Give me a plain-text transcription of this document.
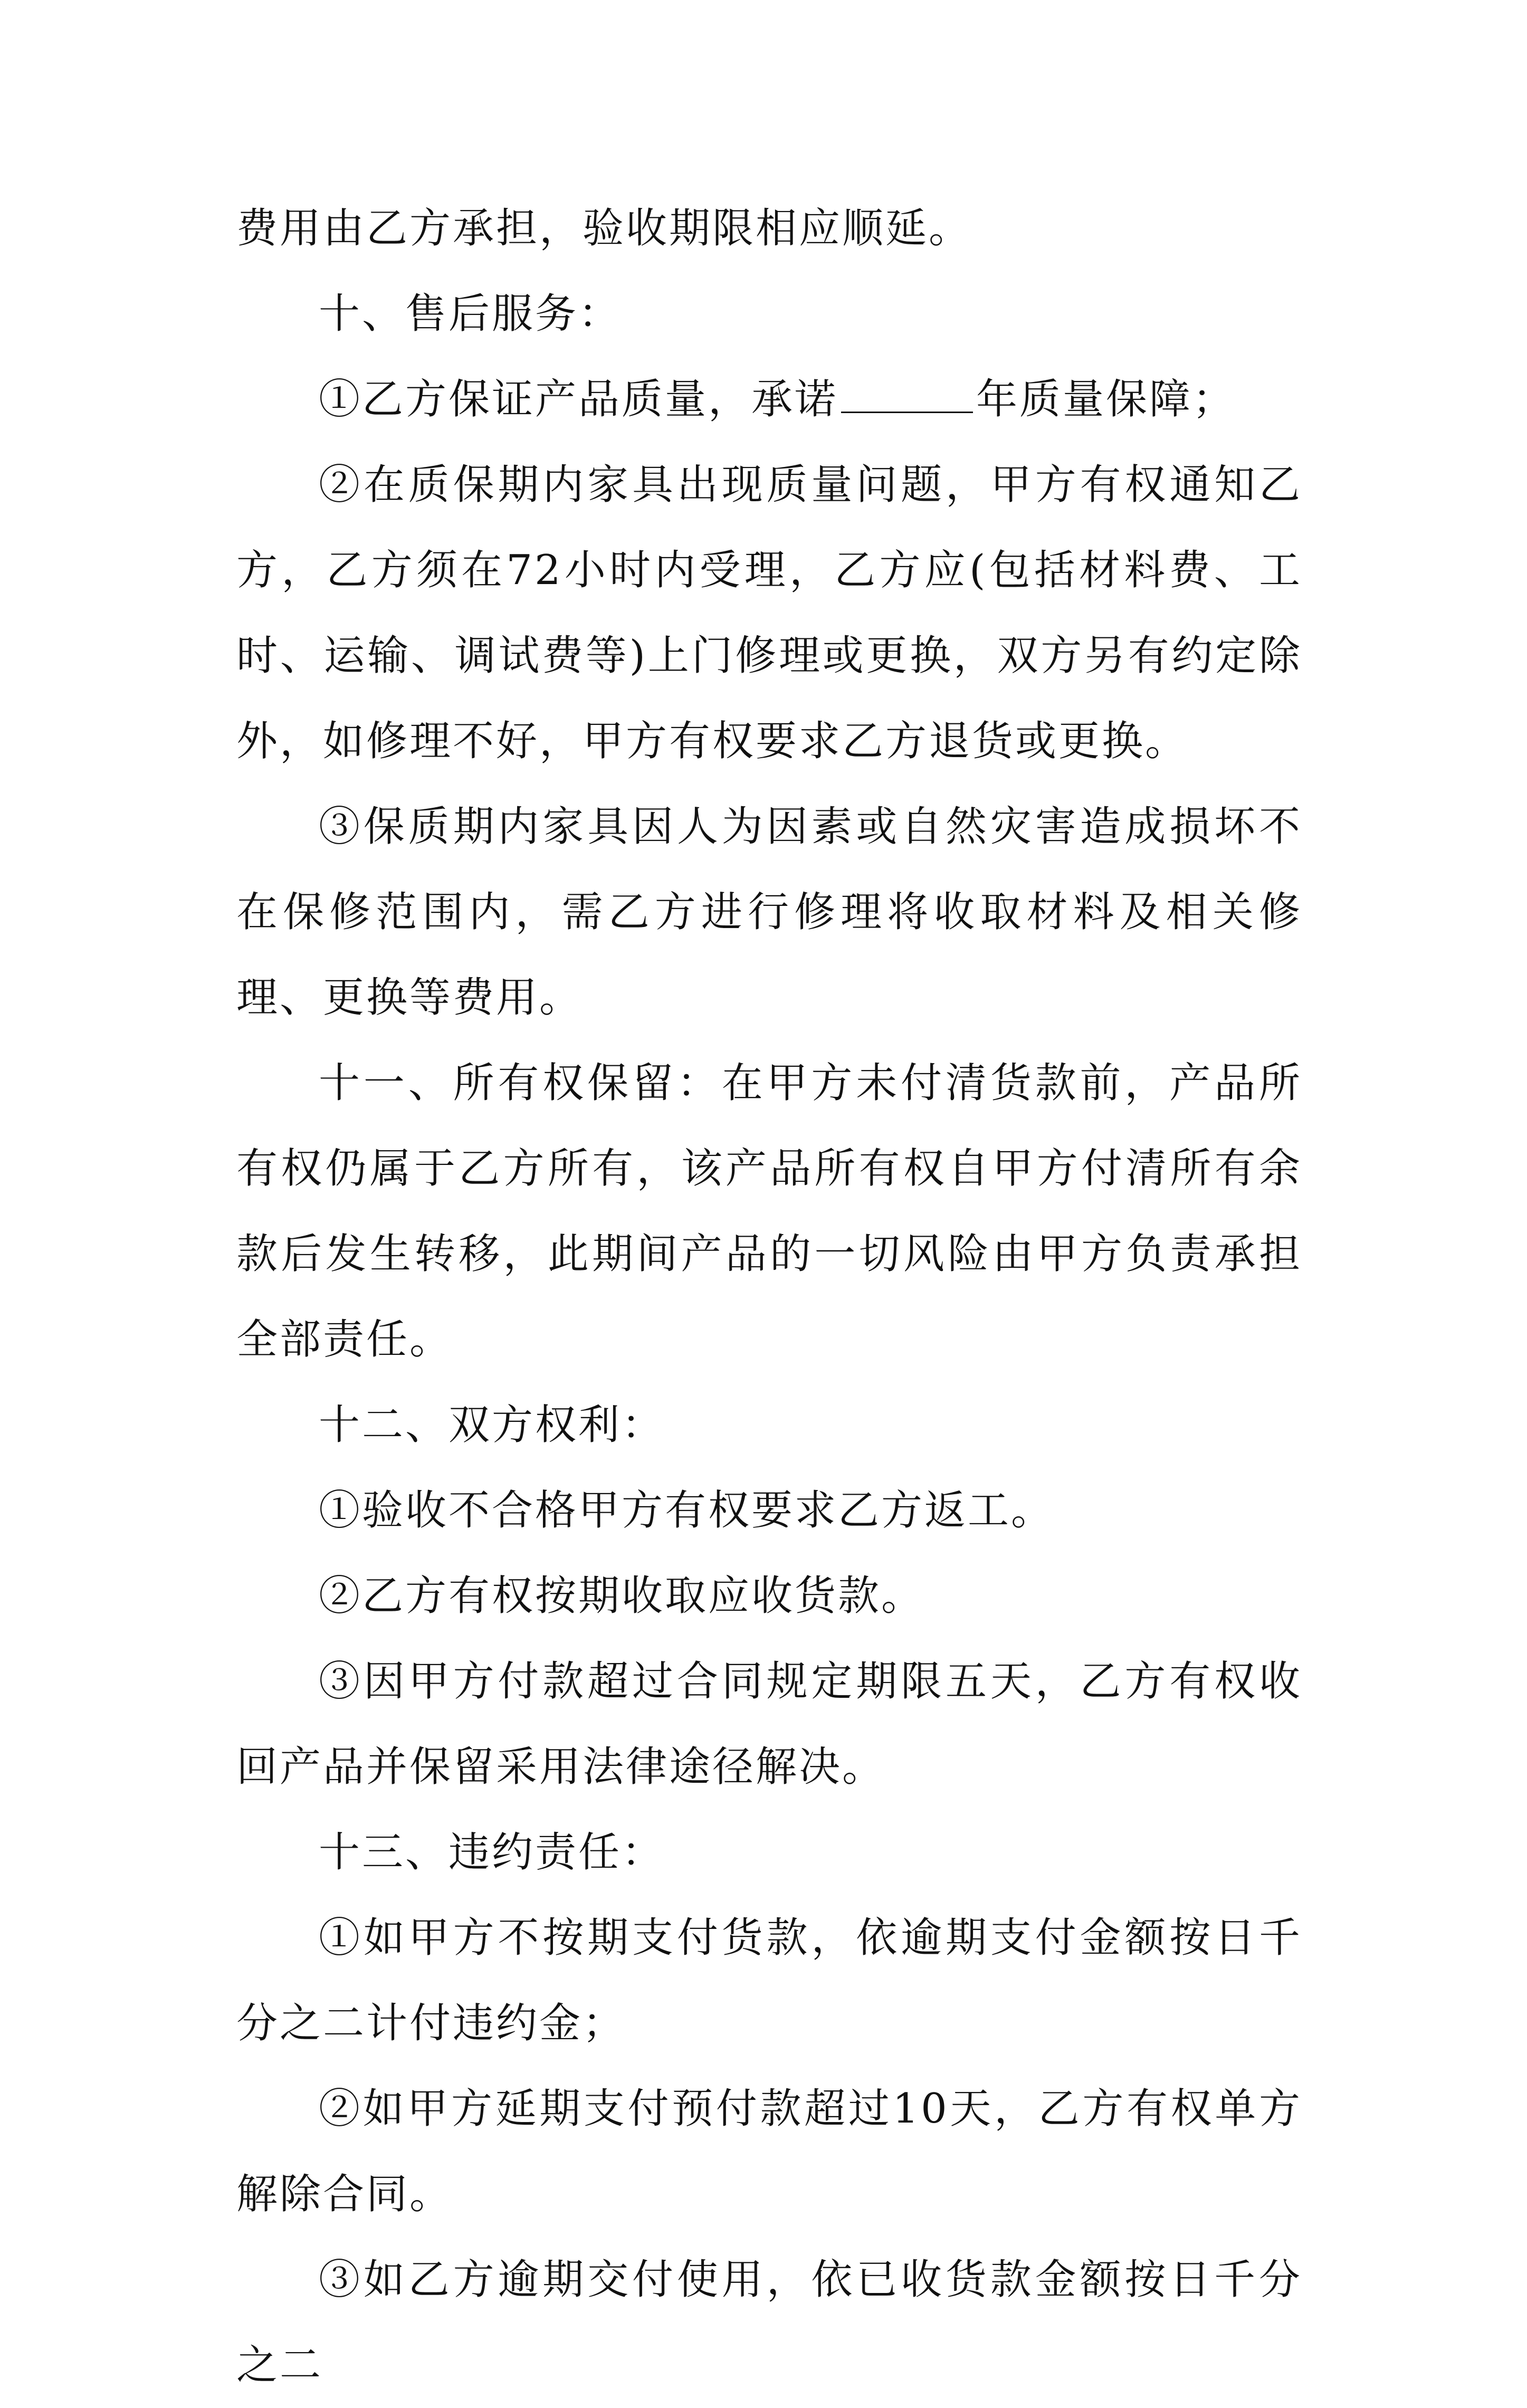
费用由乙方承担，验收期限相应顺延。

十、售后服务：

①乙方保证产品质量，承诺	年质量保障；

②在质保期内家具出现质量问题，甲方有权通知乙方，乙方须在72小时内受理，乙方应(包括材料费、工时、运输、调试费等)上门修理或更换，双方另有约定除外，如修理不好，甲方有权要求乙方退货或更换。

③保质期内家具因人为因素或自然灾害造成损坏不在保修范围内，需乙方进行修理将收取材料及相关修理、更换等费用。

十一、所有权保留：在甲方未付清货款前，产品所有权仍属于乙方所有，该产品所有权自甲方付清所有余款后发生转移，此期间产品的一切风险由甲方负责承担全部责任。

十二、双方权利：

①验收不合格甲方有权要求乙方返工。

②乙方有权按期收取应收货款。

③因甲方付款超过合同规定期限五天，乙方有权收回产品并保留采用法律途径解决。

十三、违约责任：

①如甲方不按期支付货款，依逾期支付金额按日千分之二计付违约金；

②如甲方延期支付预付款超过10天，乙方有权单方解除合同。

③如乙方逾期交付使用，依已收货款金额按日千分之二
